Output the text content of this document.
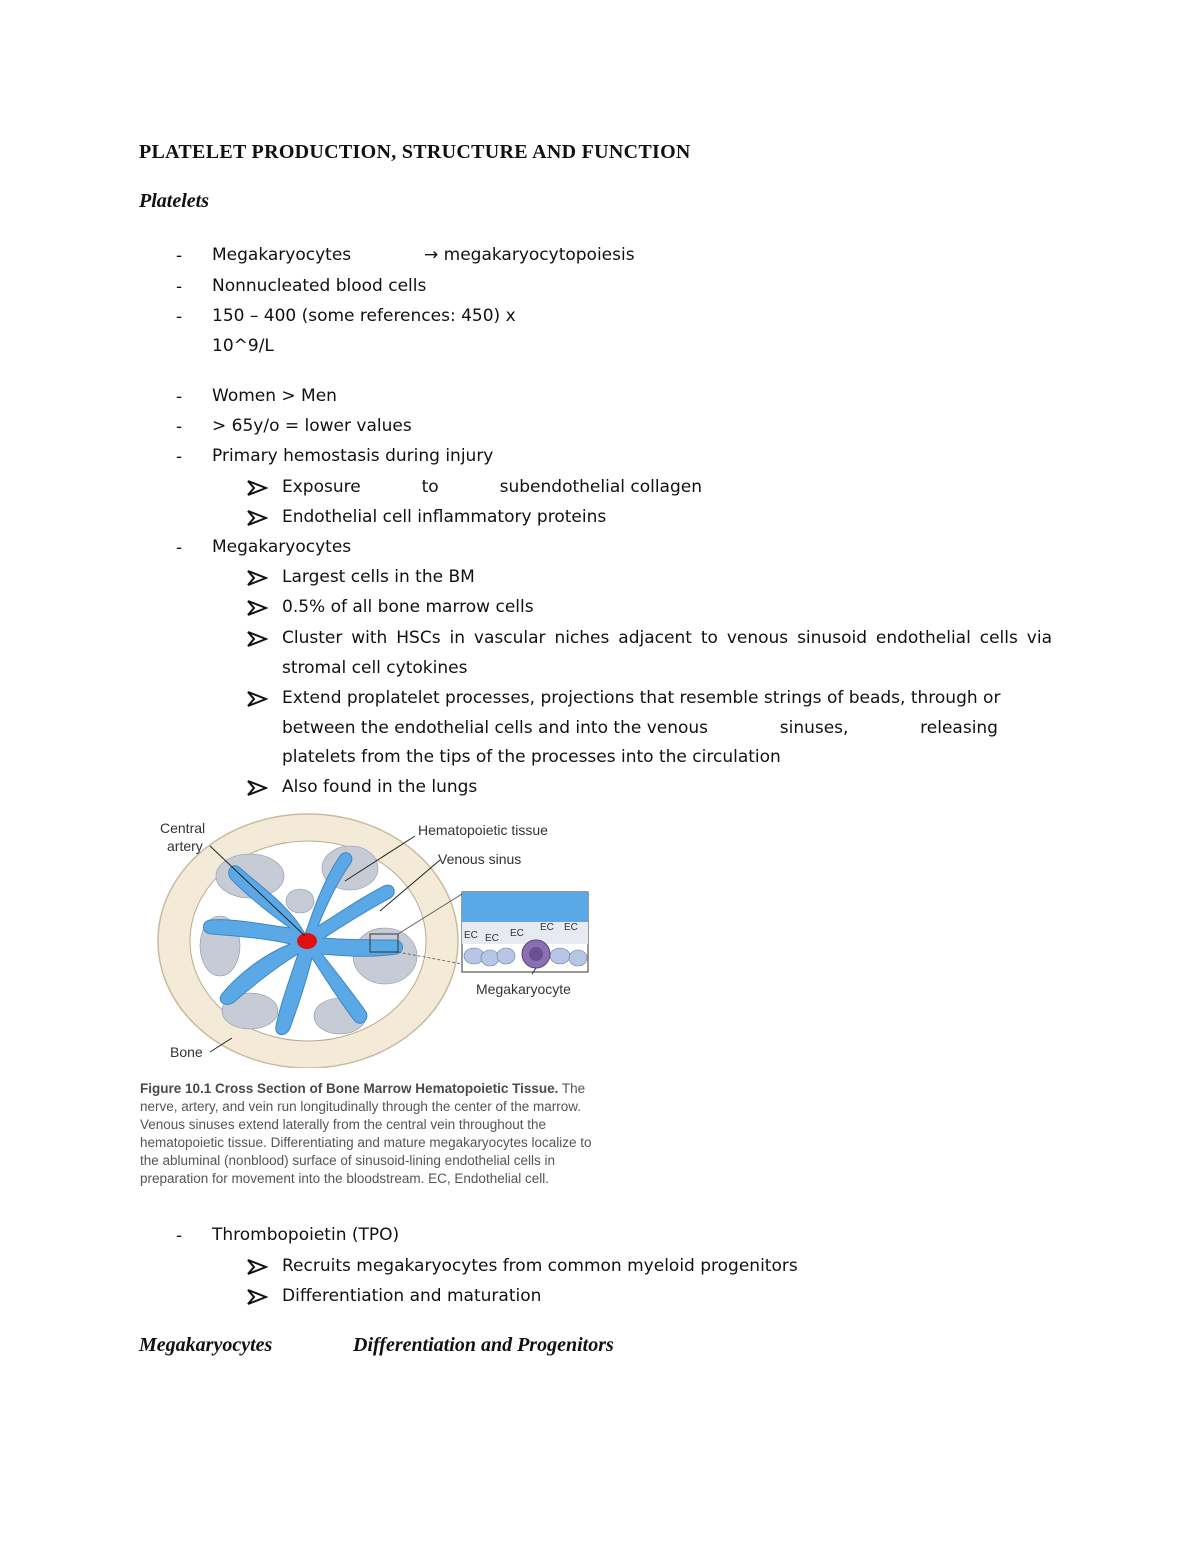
PLATELET PRODUCTION, STRUCTURE AND FUNCTION
Platelets
- Megakaryocytes	→ megakaryocytopoiesis
- Nonnucleated blood cells
- 150 – 400 (some references: 450) x
10^9/L
- Women > Men
- > 65y/o = lower values
- Primary hemostasis during injury
Exposure	to	subendothelial collagen
Endothelial cell inflammatory proteins
- Megakaryocytes
Largest cells in the BM
0.5% of all bone marrow cells
Cluster with HSCs in vascular niches adjacent to venous sinusoid endothelial cells via
stromal cell cytokines
Extend proplatelet processes, projections that resemble strings of beads, through or
between the endothelial cells and into the venous	sinuses,	releasing
platelets from the tips of the processes into the circulation
Also found in the lungs
EC EC EC
EC EC
Central
artery
Hematopoietic tissue
Venous sinus
Megakaryocyte
Bone
Figure 10.1 Cross Section of Bone Marrow Hematopoietic Tissue. The nerve, artery, and vein run longitudinally through the center of the marrow. Venous sinuses extend laterally from the central vein throughout the hematopoietic tissue. Differentiating and mature megakaryocytes localize to the abluminal (nonblood) surface of sinusoid-lining endothelial cells in preparation for movement into the bloodstream. EC, Endothelial cell.
- Thrombopoietin (TPO)
Recruits megakaryocytes from common myeloid progenitors
Differentiation and maturation
Megakaryocytes	Differentiation and Progenitors
